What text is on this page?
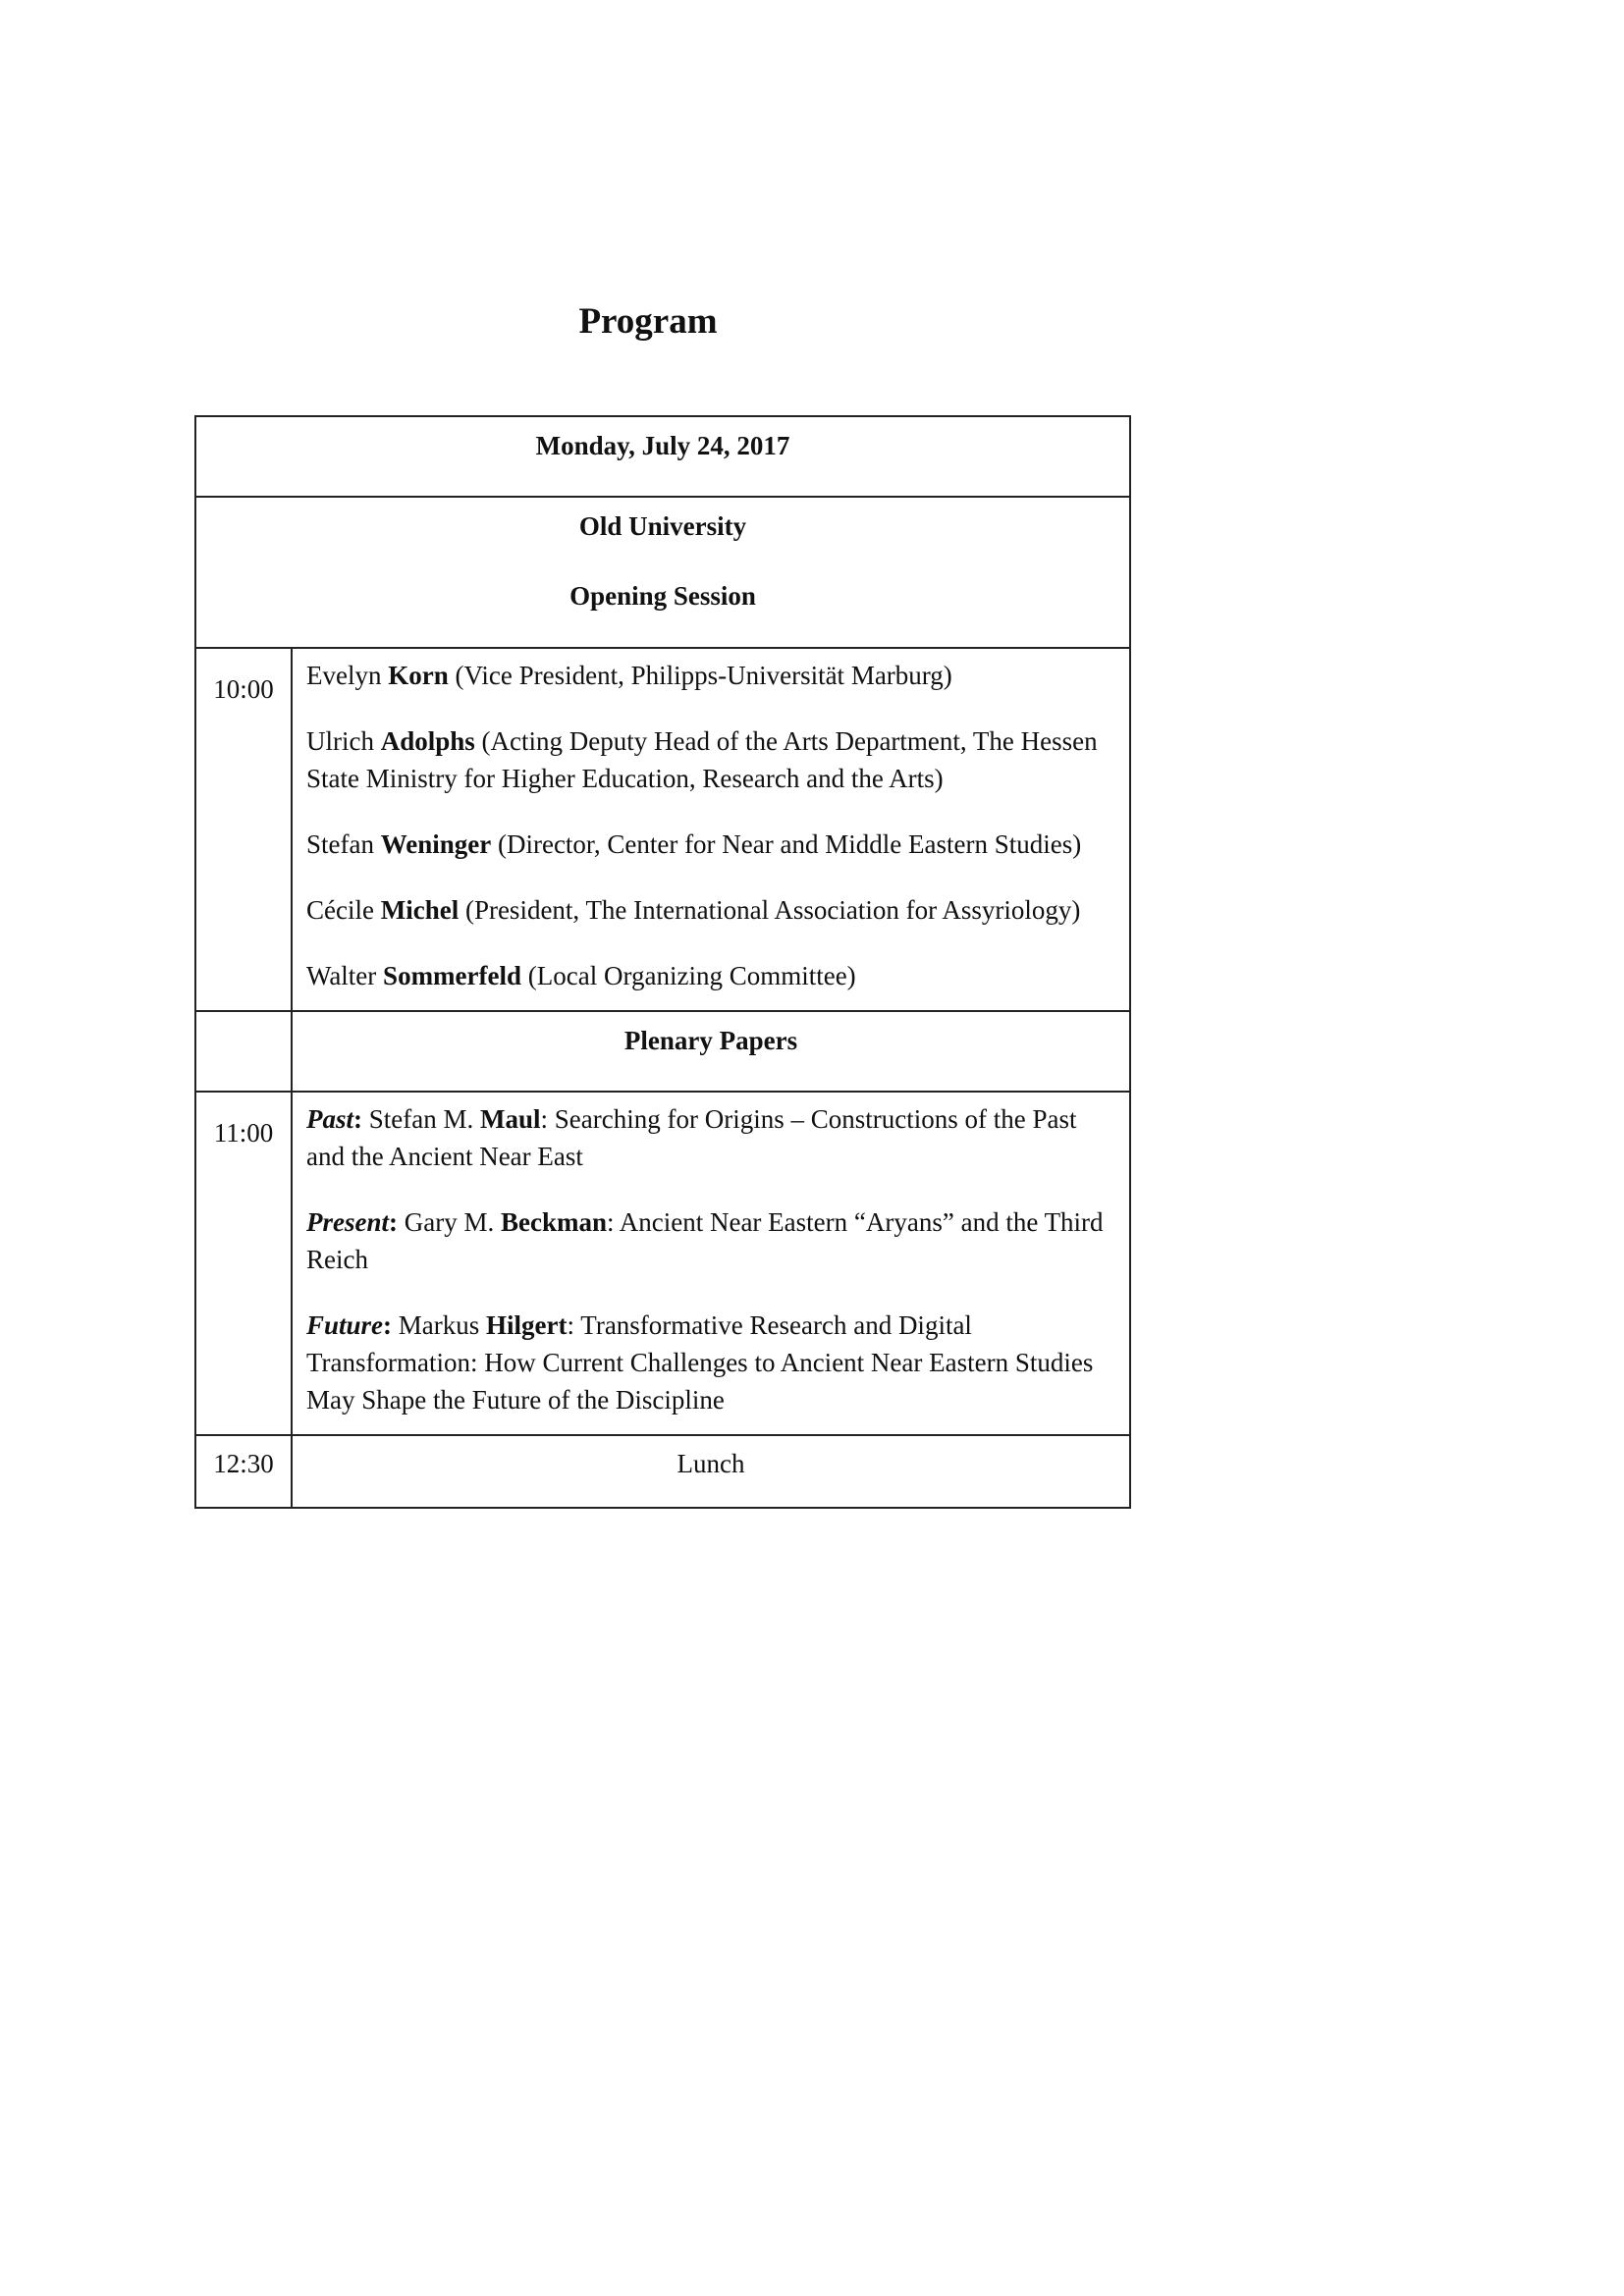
Program
Monday, July 24, 2017	

Old University
Opening Session	

10:00	Evelyn Korn (Vice President, Philipps-Universität Marburg)

Ulrich Adolphs (Acting Deputy Head of the Arts Department, The Hessen State Ministry for Higher Education, Research and the Arts)

Stefan Weninger (Director, Center for Near and Middle Eastern Studies)

Cécile Michel (President, The International Association for Assyriology)

Walter Sommerfeld (Local Organizing Committee)

	Plenary Papers

11:00	Past: Stefan M. Maul: Searching for Origins – Constructions of the Past and the Ancient Near East

Present: Gary M. Beckman: Ancient Near Eastern “Aryans” and the Third Reich

Future: Markus Hilgert: Transformative Research and Digital Transformation: How Current Challenges to Ancient Near Eastern Studies May Shape the Future of the Discipline

12:30	Lunch
